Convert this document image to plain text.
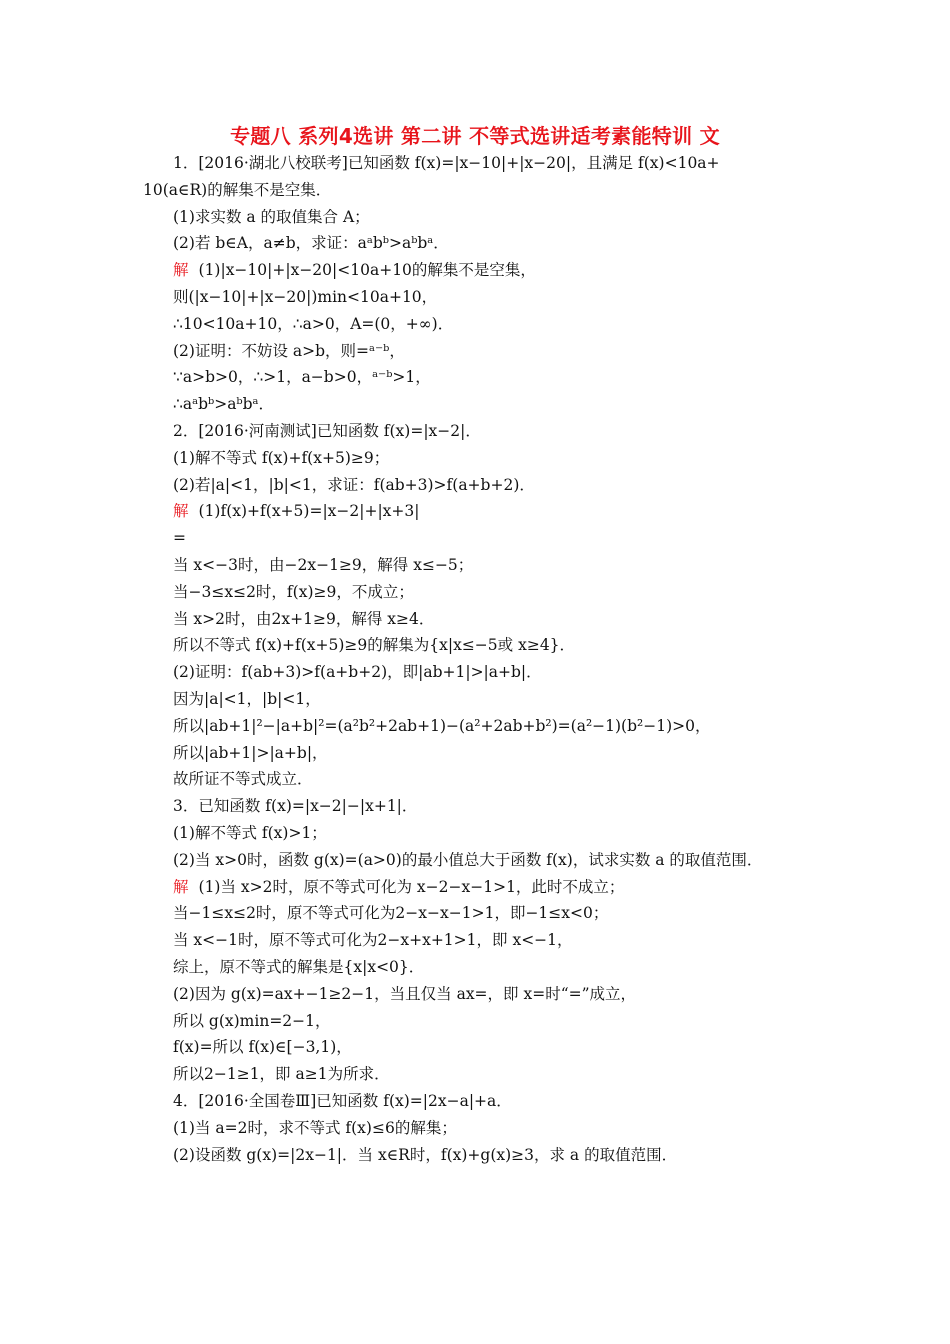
专题八 系列4选讲 第二讲 不等式选讲适考素能特训 文
1．[2016·湖北八校联考]已知函数 f(x)=|x−10|+|x−20|，且满足 f(x)<10a+
10(a∈R)的解集不是空集．
(1)求实数 a 的取值集合 A；
(2)若 b∈A，a≠b，求证：aᵃbᵇ>aᵇbᵃ．
解 (1)|x−10|+|x−20|<10a+10的解集不是空集，
则(|x−10|+|x−20|)min<10a+10，
∴10<10a+10，∴a>0，A=(0，+∞)．
(2)证明：不妨设 a>b，则=ᵃ⁻ᵇ，
∵a>b>0，∴>1，a−b>0，ᵃ⁻ᵇ>1，
∴aᵃbᵇ>aᵇbᵃ．
2．[2016·河南测试]已知函数 f(x)=|x−2|．
(1)解不等式 f(x)+f(x+5)≥9；
(2)若|a|<1，|b|<1，求证：f(ab+3)>f(a+b+2)．
解 (1)f(x)+f(x+5)=|x−2|+|x+3|
=
当 x<−3时，由−2x−1≥9，解得 x≤−5；
当−3≤x≤2时，f(x)≥9，不成立；
当 x>2时，由2x+1≥9，解得 x≥4．
所以不等式 f(x)+f(x+5)≥9的解集为{x|x≤−5或 x≥4}．
(2)证明：f(ab+3)>f(a+b+2)，即|ab+1|>|a+b|．
因为|a|<1，|b|<1，
所以|ab+1|²−|a+b|²=(a²b²+2ab+1)−(a²+2ab+b²)=(a²−1)(b²−1)>0，
所以|ab+1|>|a+b|，
故所证不等式成立．
3．已知函数 f(x)=|x−2|−|x+1|．
(1)解不等式 f(x)>1；
(2)当 x>0时，函数 g(x)=(a>0)的最小值总大于函数 f(x)，试求实数 a 的取值范围．
解 (1)当 x>2时，原不等式可化为 x−2−x−1>1，此时不成立；
当−1≤x≤2时，原不等式可化为2−x−x−1>1，即−1≤x<0；
当 x<−1时，原不等式可化为2−x+x+1>1，即 x<−1，
综上，原不等式的解集是{x|x<0}．
(2)因为 g(x)=ax+−1≥2−1，当且仅当 ax=，即 x=时“=”成立，
所以 g(x)min=2−1，
f(x)=所以 f(x)∈[−3,1)，
所以2−1≥1，即 a≥1为所求．
4．[2016·全国卷Ⅲ]已知函数 f(x)=|2x−a|+a．
(1)当 a=2时，求不等式 f(x)≤6的解集；
(2)设函数 g(x)=|2x−1|．当 x∈R时，f(x)+g(x)≥3，求 a 的取值范围．
